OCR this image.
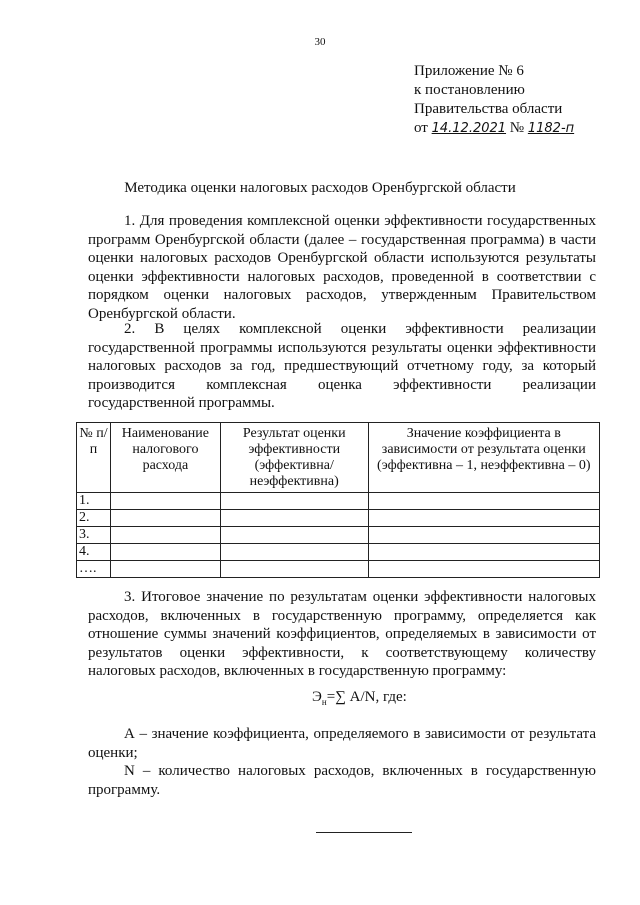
30
Приложение № 6
к постановлению
Правительства области
от 14.12.2021 № 1182-п
Методика оценки налоговых расходов Оренбургской области
1. Для проведения комплексной оценки эффективности государственных программ Оренбургской области (далее – государственная программа) в части оценки налоговых расходов Оренбургской области используются результаты оценки эффективности налоговых расходов, проведенной в соответствии с порядком оценки налоговых расходов, утвержденным Правительством Оренбургской области.
2. В целях комплексной оценки эффективности реализации государственной программы используются результаты оценки эффективности налоговых расходов за год, предшествующий отчетному году, за который производится комплексная оценка эффективности реализации государственной программы.
№ п/п	Наименование налогового расхода	Результат оценки эффективности (эффективна/ неэффективна)	Значение коэффициента в зависимости от результата оценки (эффективна – 1, неэффективна – 0)
1.			
2.			
3.			
4.			
….			
3. Итоговое значение по результатам оценки эффективности налоговых расходов, включенных в государственную программу, определяется как отношение суммы значений коэффициентов, определяемых в зависимости от результатов оценки эффективности, к соответствующему количеству налоговых расходов, включенных в государственную программу:
$Э_н=\sum$ А/N, где:
А – значение коэффициента, определяемого в зависимости от результата оценки;
N – количество налоговых расходов, включенных в государственную программу.
